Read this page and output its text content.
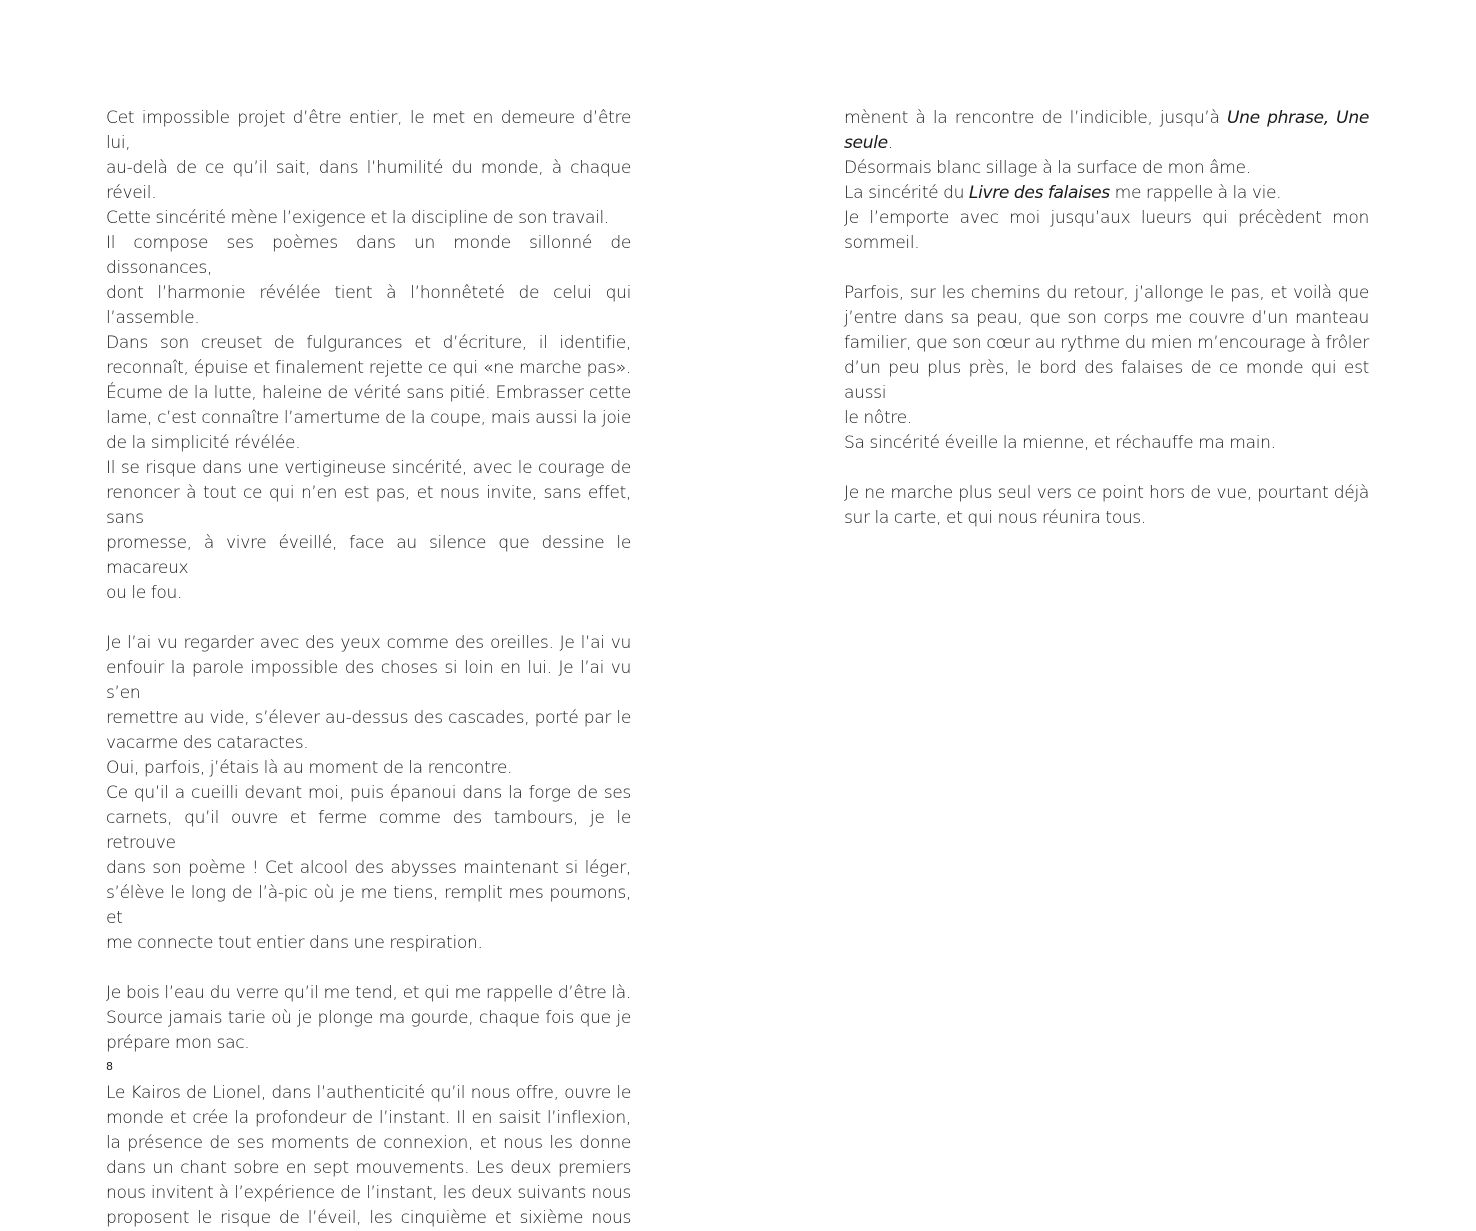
Cet impossible projet d’être entier, le met en demeure d’être lui,
au-delà de ce qu’il sait, dans l’humilité du monde, à chaque réveil.
Cette sincérité mène l’exigence et la discipline de son travail.
Il compose ses poèmes dans un monde sillonné de dissonances,
dont l’harmonie révélée tient à l’honnêteté de celui qui l’assemble.
Dans son creuset de fulgurances et d’écriture, il identifie,
reconnaît, épuise et finalement rejette ce qui «ne marche pas».
Écume de la lutte, haleine de vérité sans pitié. Embrasser cette
lame, c’est connaître l’amertume de la coupe, mais aussi la joie
de la simplicité révélée.
Il se risque dans une vertigineuse sincérité, avec le courage de
renoncer à tout ce qui n’en est pas, et nous invite, sans effet, sans
promesse, à vivre éveillé, face au silence que dessine le macareux
ou le fou.
Je l’ai vu regarder avec des yeux comme des oreilles. Je l’ai vu
enfouir la parole impossible des choses si loin en lui. Je l’ai vu s’en
remettre au vide, s’élever au-dessus des cascades, porté par le
vacarme des cataractes.
Oui, parfois, j’étais là au moment de la rencontre.
Ce qu’il a cueilli devant moi, puis épanoui dans la forge de ses
carnets, qu’il ouvre et ferme comme des tambours, je le retrouve
dans son poème ! Cet alcool des abysses maintenant si léger,
s’élève le long de l’à-pic où je me tiens, remplit mes poumons, et
me connecte tout entier dans une respiration.
Je bois l’eau du verre qu’il me tend, et qui me rappelle d’être là.
Source jamais tarie où je plonge ma gourde, chaque fois que je
prépare mon sac.
Le Kairos de Lionel, dans l’authenticité qu’il nous offre, ouvre le
monde et crée la profondeur de l’instant. Il en saisit l’inflexion,
la présence de ses moments de connexion, et nous les donne
dans un chant sobre en sept mouvements. Les deux premiers
nous invitent à l’expérience de l’instant, les deux suivants nous
proposent le risque de l’éveil, les cinquième et sixième nous
mènent à la rencontre de l’indicible, jusqu’à Une phrase, Une seule.
Désormais blanc sillage à la surface de mon âme.
La sincérité du Livre des falaises me rappelle à la vie.
Je l’emporte avec moi jusqu’aux lueurs qui précèdent mon
sommeil.
Parfois, sur les chemins du retour, j’allonge le pas, et voilà que
j’entre dans sa peau, que son corps me couvre d’un manteau
familier, que son cœur au rythme du mien m’encourage à frôler
d’un peu plus près, le bord des falaises de ce monde qui est aussi
le nôtre.
Sa sincérité éveille la mienne, et réchauffe ma main.
Je ne marche plus seul vers ce point hors de vue, pourtant déjà
sur la carte, et qui nous réunira tous.
8
